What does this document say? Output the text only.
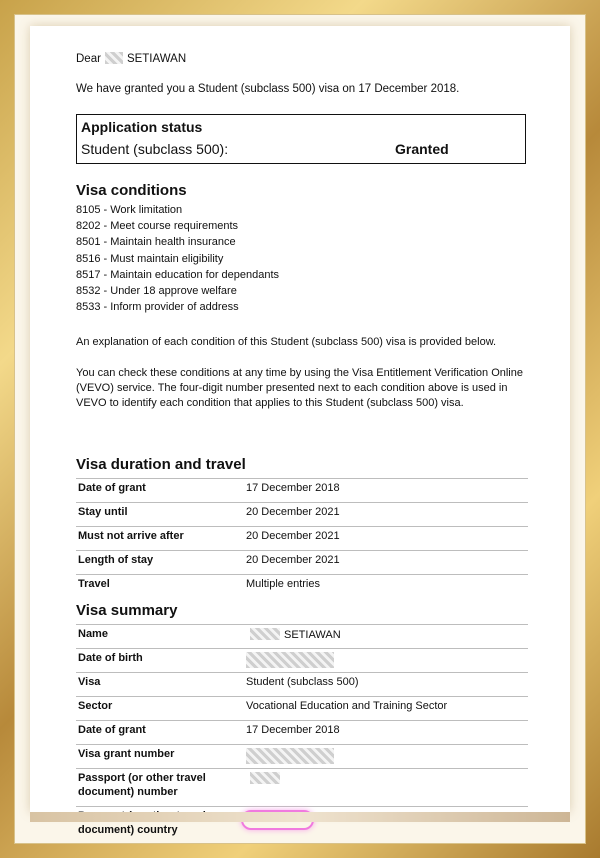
Dear SETIAWAN

We have granted you a Student (subclass 500) visa on 17 December 2018.

Application status
Student (subclass 500):	Granted
Visa conditions
8105 - Work limitation
8202 - Meet course requirements
8501 - Maintain health insurance
8516 - Must maintain eligibility
8517 - Maintain education for dependants
8532 - Under 18 approve welfare
8533 - Inform provider of address

An explanation of each condition of this Student (subclass 500) visa is provided below.

You can check these conditions at any time by using the Visa Entitlement Verification Online (VEVO) service. The four-digit number presented next to each condition above is used in VEVO to identify each condition that applies to this Student (subclass 500) visa.

Visa duration and travel
Date of grant	17 December 2018
Stay until	20 December 2021
Must not arrive after	20 December 2021
Length of stay	20 December 2021
Travel	Multiple entries
Visa summary
Name	SETIAWAN
Date of birth	
Visa	Student (subclass 500)
Sector	Vocational Education and Training Sector
Date of grant	17 December 2018
Visa grant number	
Passport (or other travel document) number	
document) country	
